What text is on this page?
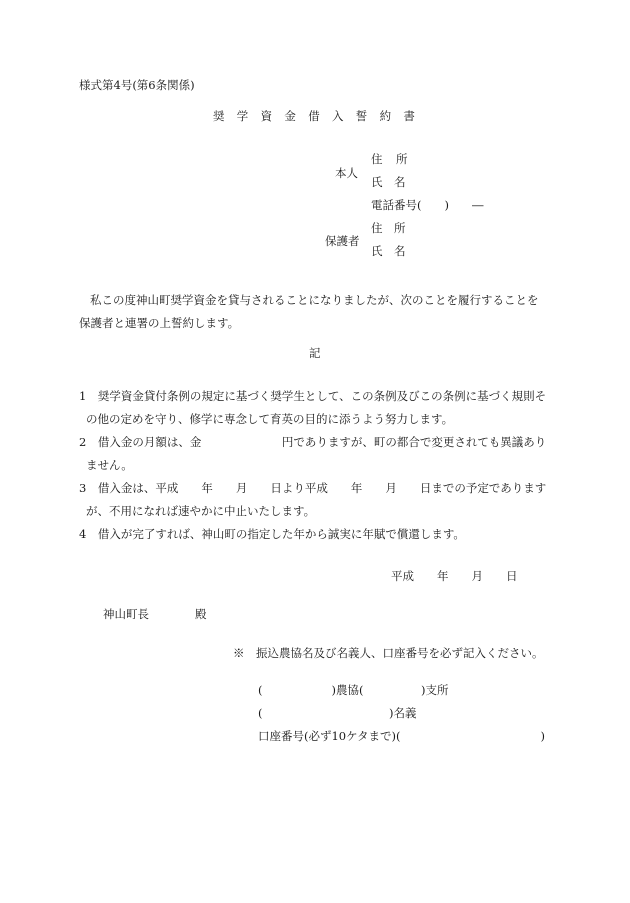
様式第4号(第6条関係)
奨学資金借入誓約書
本人
保護者
住　所
氏　名
電話番号(　　)　　―
住　所
氏　名

私この度神山町奨学資金を貸与されることになりましたが、次のことを履行することを

保護者と連署の上誓約します。

記
1　奨学資金貸付条例の規定に基づく奨学生として、この条例及びこの条例に基づく規則そ
の他の定めを守り、修学に専念して育英の目的に添うよう努力します。
2　借入金の月額は、金　　　　　　　円でありますが、町の都合で変更されても異議あり
ません。
3　借入金は、平成　　年　　月　　日より平成　　年　　月　　日までの予定であります
が、不用になれば速やかに中止いたします。
4　借入が完了すれば、神山町の指定した年から誠実に年賦で償還します。
平成　　年　　月　　日
神山町長　　　　殿
※　振込農協名及び名義人、口座番号を必ず記入ください。
(　　　　　　)農協(　　　　　)支所
(　　　　　　　　　　　)名義
口座番号(必ず10ケタまで)(	)
